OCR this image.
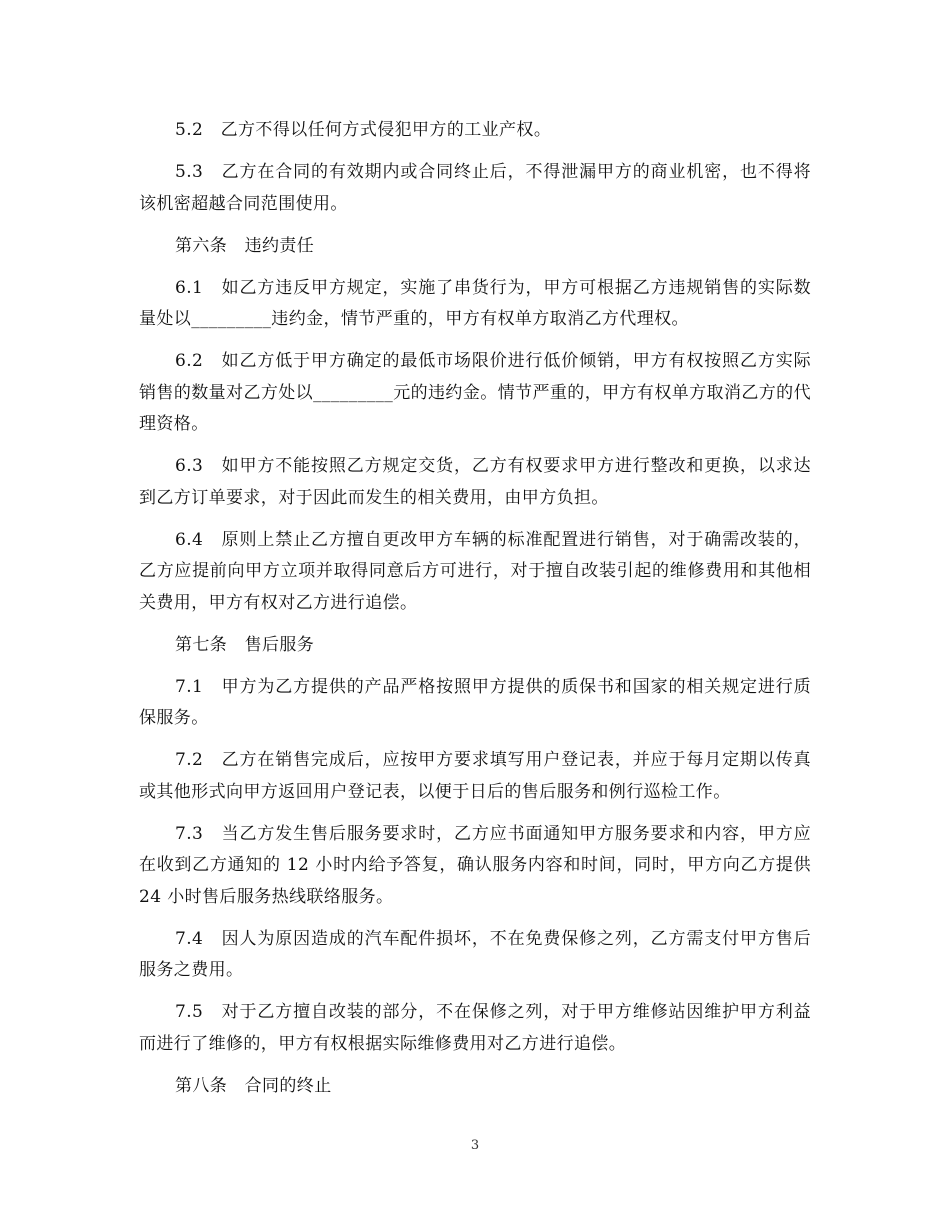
5.2　乙方不得以任何方式侵犯甲方的工业产权。

5.3　乙方在合同的有效期内或合同终止后，不得泄漏甲方的商业机密，也不得将该机密超越合同范围使用。

第六条　违约责任

6.1　如乙方违反甲方规定，实施了串货行为，甲方可根据乙方违规销售的实际数量处以_________违约金，情节严重的，甲方有权单方取消乙方代理权。

6.2　如乙方低于甲方确定的最低市场限价进行低价倾销，甲方有权按照乙方实际销售的数量对乙方处以_________元的违约金。情节严重的，甲方有权单方取消乙方的代理资格。

6.3　如甲方不能按照乙方规定交货，乙方有权要求甲方进行整改和更换，以求达到乙方订单要求，对于因此而发生的相关费用，由甲方负担。

6.4　原则上禁止乙方擅自更改甲方车辆的标准配置进行销售，对于确需改装的，乙方应提前向甲方立项并取得同意后方可进行，对于擅自改装引起的维修费用和其他相关费用，甲方有权对乙方进行追偿。

第七条　售后服务

7.1　甲方为乙方提供的产品严格按照甲方提供的质保书和国家的相关规定进行质保服务。

7.2　乙方在销售完成后，应按甲方要求填写用户登记表，并应于每月定期以传真或其他形式向甲方返回用户登记表，以便于日后的售后服务和例行巡检工作。

7.3　当乙方发生售后服务要求时，乙方应书面通知甲方服务要求和内容，甲方应在收到乙方通知的 12 小时内给予答复，确认服务内容和时间，同时，甲方向乙方提供 24 小时售后服务热线联络服务。

7.4　因人为原因造成的汽车配件损坏，不在免费保修之列，乙方需支付甲方售后服务之费用。

7.5　对于乙方擅自改装的部分，不在保修之列，对于甲方维修站因维护甲方利益而进行了维修的，甲方有权根据实际维修费用对乙方进行追偿。

第八条　合同的终止

3
